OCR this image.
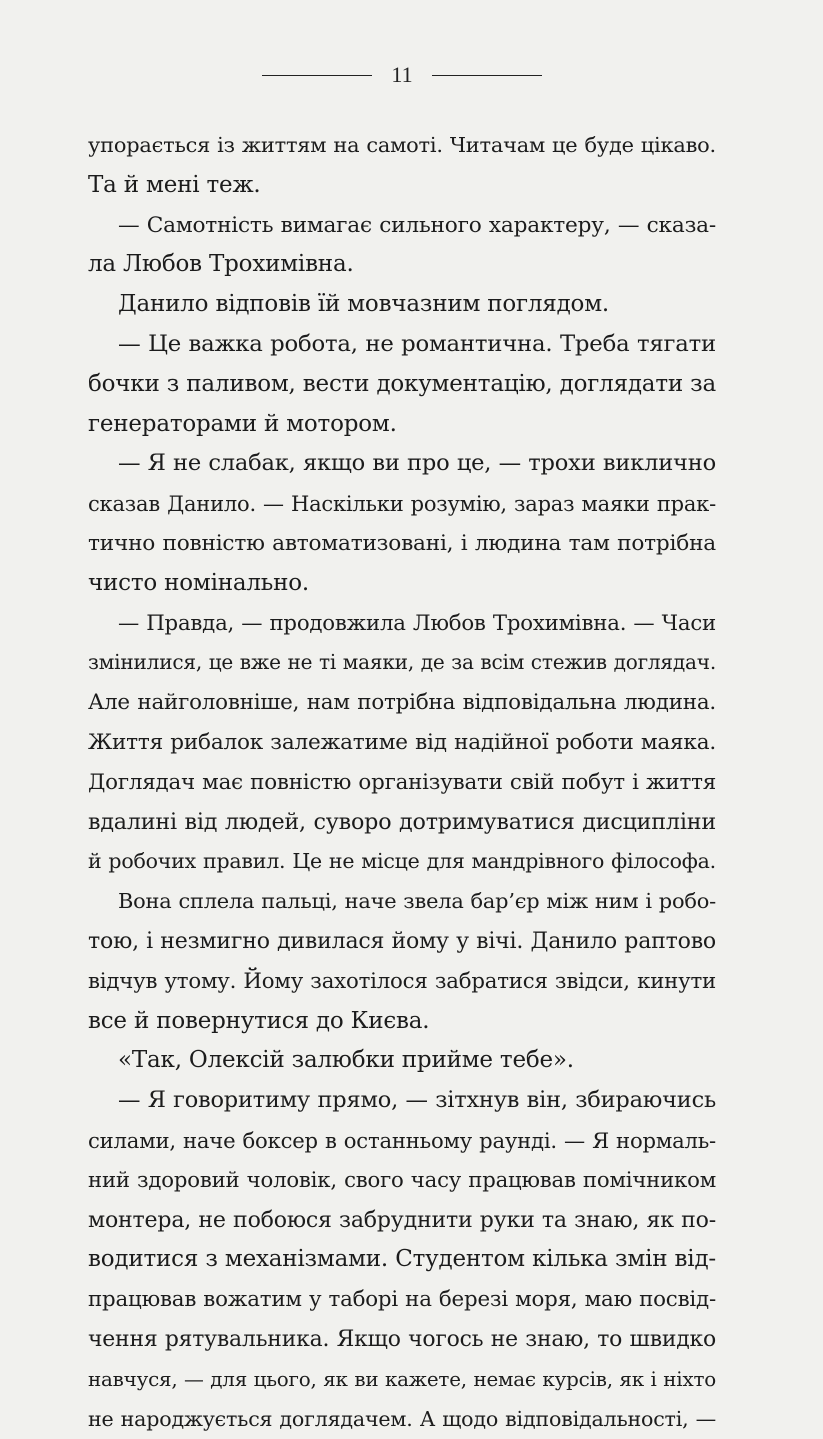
11
упорається із життям на самоті. Читачам це буде цікаво.
Та й мені теж.
— Самотність вимагає сильного характеру, — сказа-
ла Любов Трохимівна.
Данило відповів їй мовчазним поглядом.
— Це важка робота, не романтична. Треба тягати
бочки з паливом, вести документацію, доглядати за
генераторами й мотором.
— Я не слабак, якщо ви про це, — трохи виклично
сказав Данило. — Наскільки розумію, зараз маяки прак-
тично повністю автоматизовані, і людина там потрібна
чисто номінально.
— Правда, — продовжила Любов Трохимівна. — Часи
змінилися, це вже не ті маяки, де за всім стежив доглядач.
Але найголовніше, нам потрібна відповідальна людина.
Життя рибалок залежатиме від надійної роботи маяка.
Доглядач має повністю організувати свій побут і життя
вдалині від людей, суворо дотримуватися дисципліни
й робочих правил. Це не місце для мандрівного філософа.
Вона сплела пальці, наче звела бар’єр між ним і робо-
тою, і незмигно дивилася йому у вічі. Данило раптово
відчув утому. Йому захотілося забратися звідси, кинути
все й повернутися до Києва.
«Так, Олексій залюбки прийме тебе».
— Я говоритиму прямо, — зітхнув він, збираючись
силами, наче боксер в останньому раунді. — Я нормаль-
ний здоровий чоловік, свого часу працював помічником
монтера, не побоюся забруднити руки та знаю, як по-
водитися з механізмами. Студентом кілька змін від-
працював вожатим у таборі на березі моря, маю посвід-
чення рятувальника. Якщо чогось не знаю, то швидко
навчуся, — для цього, як ви кажете, немає курсів, як і ніхто
не народжується доглядачем. А щодо відповідальності, —
